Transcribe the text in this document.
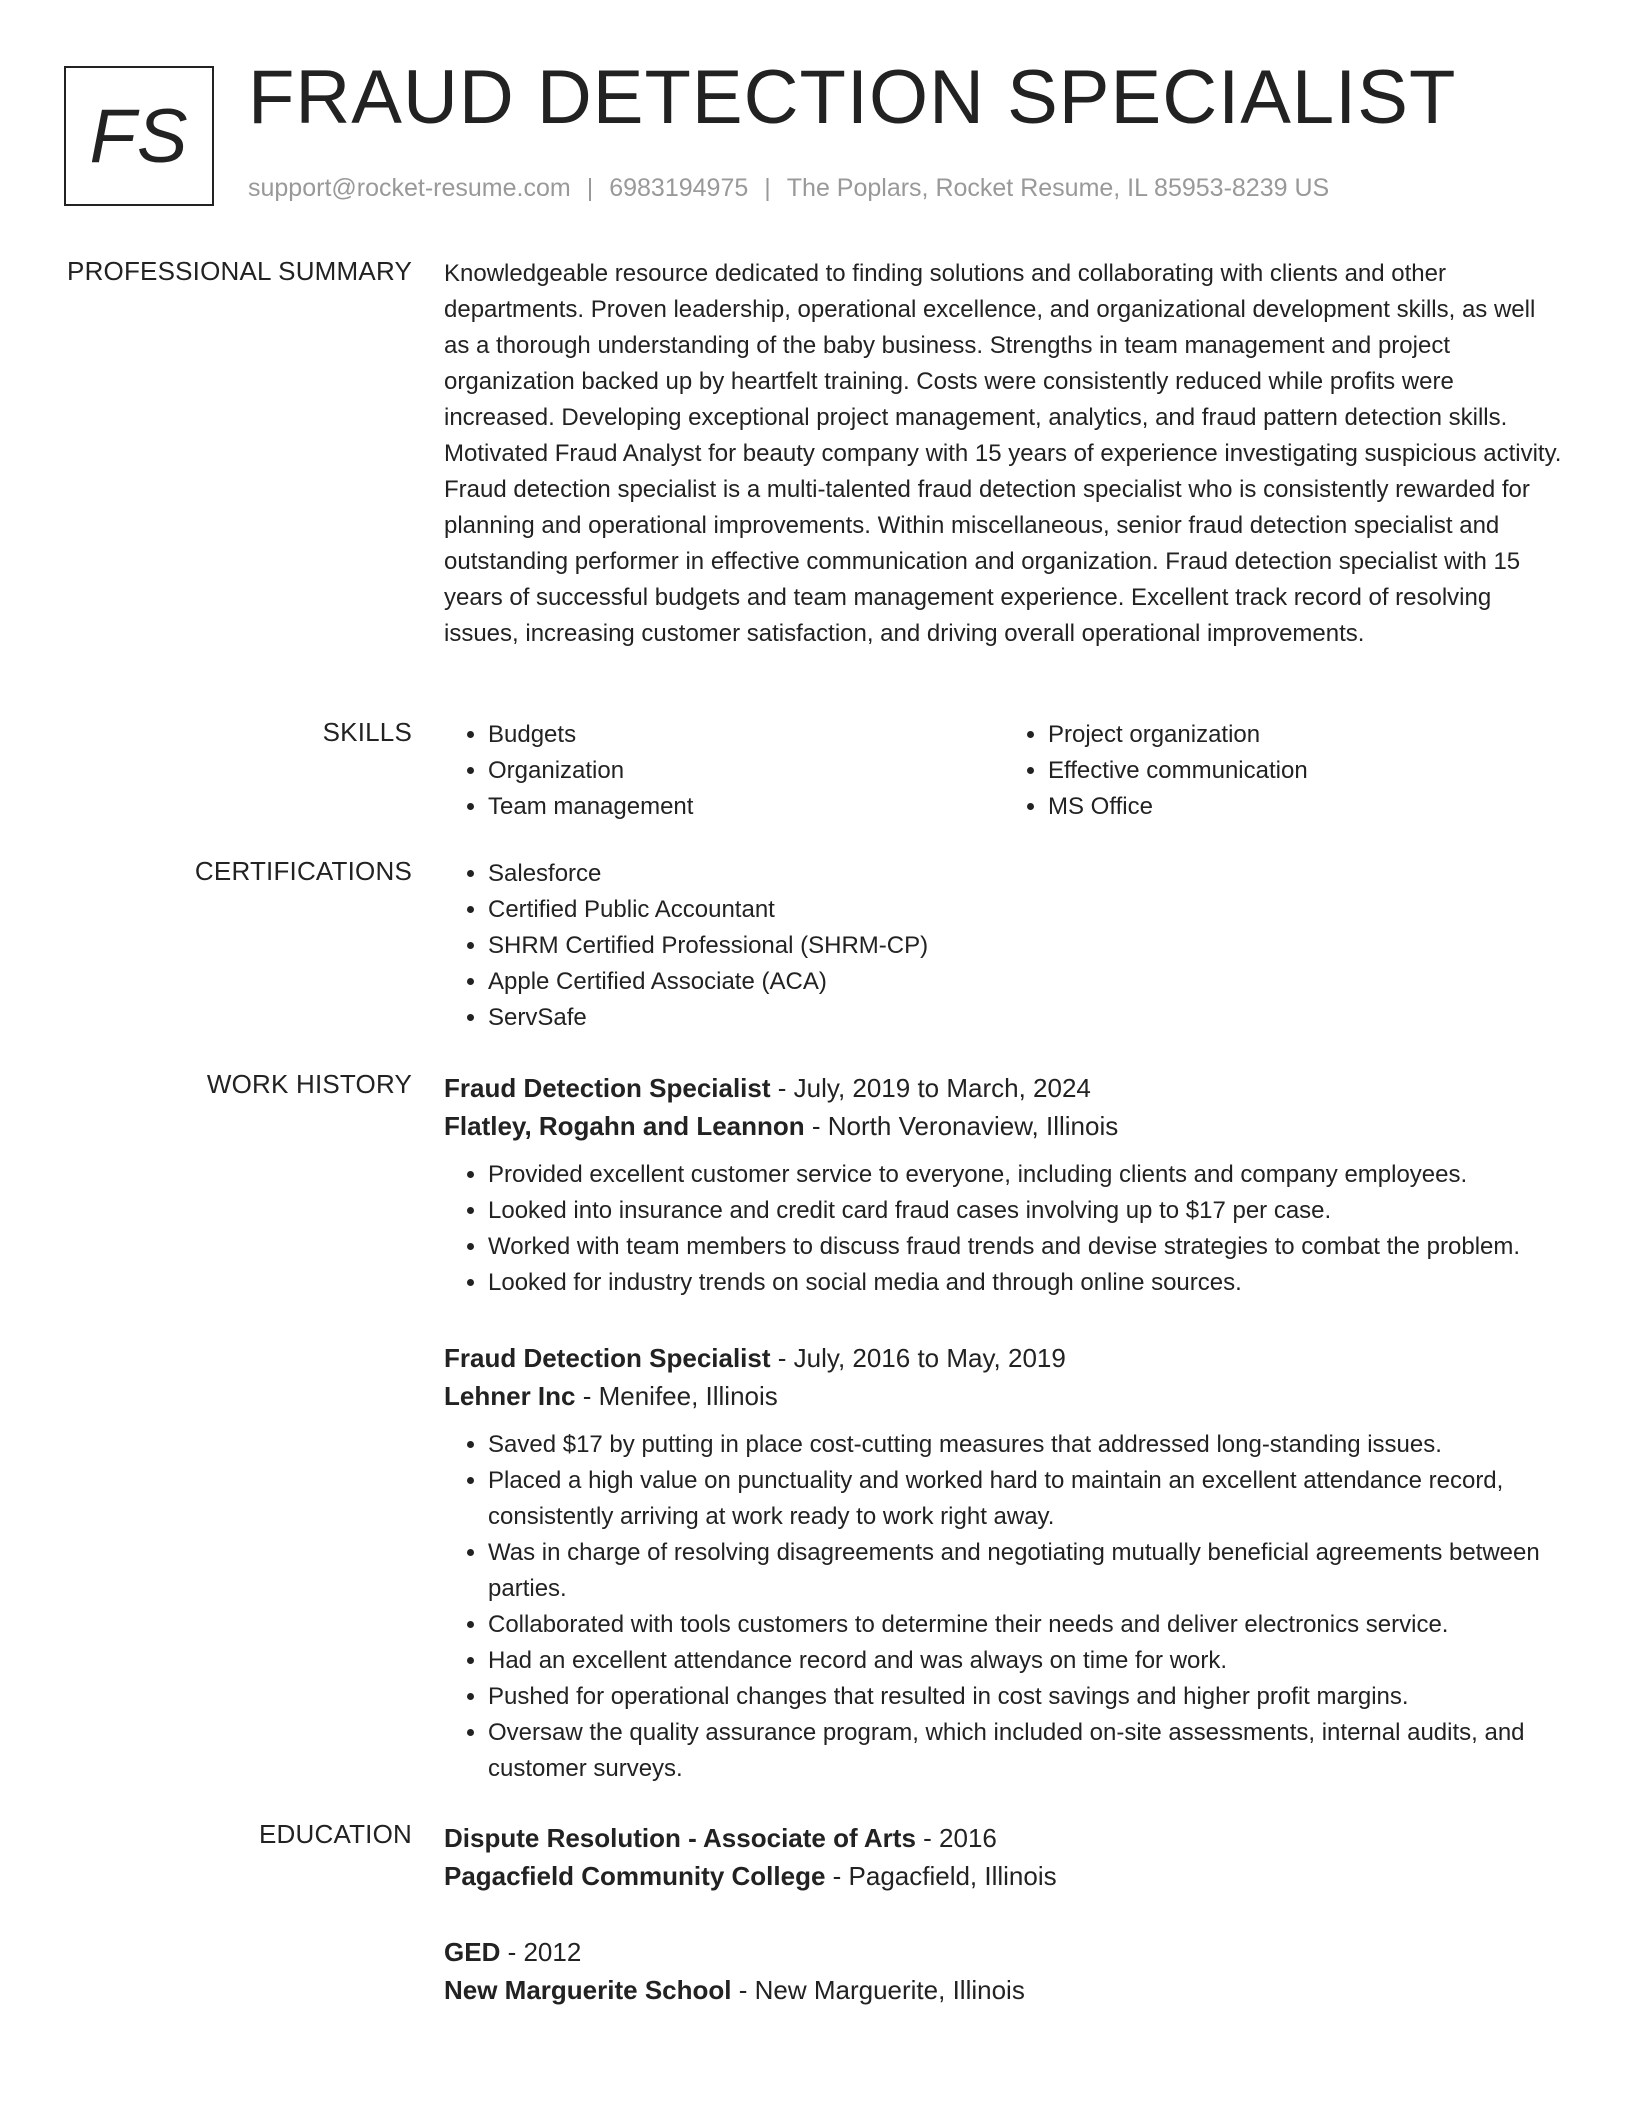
FS FRAUD DETECTION SPECIALIST
support@rocket-resume.com | 6983194975 | The Poplars, Rocket Resume, IL 85953-8239 US
PROFESSIONAL SUMMARY Knowledgeable resource dedicated to finding solutions and collaborating with clients and other departments. Proven leadership, operational excellence, and organizational development skills, as well as a thorough understanding of the baby business. Strengths in team management and project organization backed up by heartfelt training. Costs were consistently reduced while profits were increased. Developing exceptional project management, analytics, and fraud pattern detection skills. Motivated Fraud Analyst for beauty company with 15 years of experience investigating suspicious activity. Fraud detection specialist is a multi-talented fraud detection specialist who is consistently rewarded for planning and operational improvements. Within miscellaneous, senior fraud detection specialist and outstanding performer in effective communication and organization. Fraud detection specialist with 15 years of successful budgets and team management experience. Excellent track record of resolving issues, increasing customer satisfaction, and driving overall operational improvements.

SKILLS	• Budgets
• Organization
• Team management
• Project organization
• Effective communication
• MS Office
CERTIFICATIONS	• Salesforce
• Certified Public Accountant
• SHRM Certified Professional (SHRM-CP)
• Apple Certified Associate (ACA)
• ServSafe
WORK HISTORY Fraud Detection Specialist - July, 2019 to March, 2024
Flatley, Rogahn and Leannon - North Veronaview, Illinois
• Provided excellent customer service to everyone, including clients and company employees.
• Looked into insurance and credit card fraud cases involving up to $17 per case.
• Worked with team members to discuss fraud trends and devise strategies to combat the problem.
• Looked for industry trends on social media and through online sources.
Fraud Detection Specialist - July, 2016 to May, 2019
Lehner Inc - Menifee, Illinois
• Saved $17 by putting in place cost-cutting measures that addressed long-standing issues.
• Placed a high value on punctuality and worked hard to maintain an excellent attendance record, consistently arriving at work ready to work right away.
• Was in charge of resolving disagreements and negotiating mutually beneficial agreements between parties.
• Collaborated with tools customers to determine their needs and deliver electronics service.
• Had an excellent attendance record and was always on time for work.
• Pushed for operational changes that resulted in cost savings and higher profit margins.
• Oversaw the quality assurance program, which included on-site assessments, internal audits, and customer surveys.
EDUCATION Dispute Resolution - Associate of Arts - 2016
Pagacfield Community College - Pagacfield, Illinois
GED - 2012
New Marguerite School - New Marguerite, Illinois
